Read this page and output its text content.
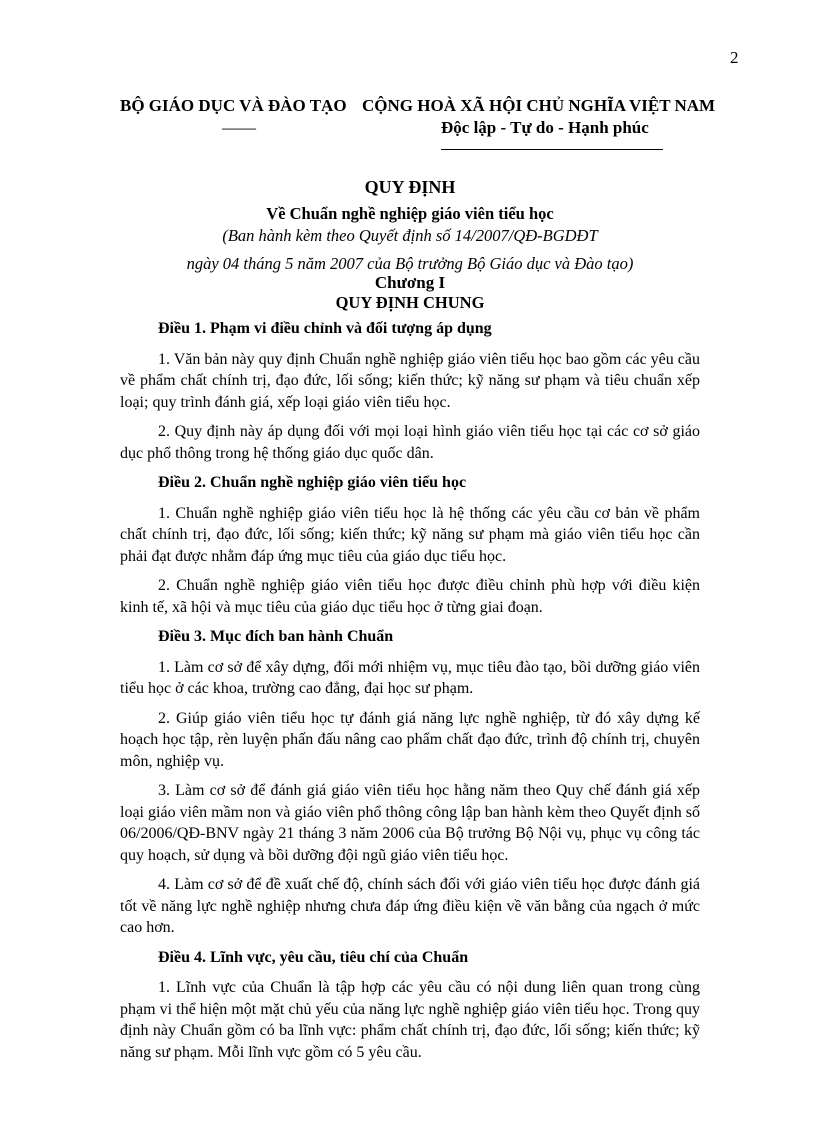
2
BỘ GIÁO DỤC VÀ ĐÀO TẠO
——
CỘNG HOÀ XÃ HỘI CHỦ NGHĨA VIỆT NAM
Độc lập - Tự do - Hạnh phúc
QUY ĐỊNH
Về Chuẩn nghề nghiệp giáo viên tiểu học
(Ban hành kèm theo Quyết định số 14/2007/QĐ-BGDĐT
ngày 04 tháng 5 năm 2007 của Bộ trưởng Bộ Giáo dục và Đào tạo)
Chương I
QUY ĐỊNH CHUNG

Điều 1. Phạm vi điều chỉnh và đối tượng áp dụng

1. Văn bản này quy định Chuẩn nghề nghiệp giáo viên tiểu học bao gồm các yêu cầu về phẩm chất chính trị, đạo đức, lối sống; kiến thức; kỹ năng sư phạm và tiêu chuẩn xếp loại; quy trình đánh giá, xếp loại giáo viên tiểu học.

2. Quy định này áp dụng đối với mọi loại hình giáo viên tiểu học tại các cơ sở giáo dục phổ thông trong hệ thống giáo dục quốc dân.

Điều 2. Chuẩn nghề nghiệp giáo viên tiểu học

1. Chuẩn nghề nghiệp giáo viên tiểu học là hệ thống các yêu cầu cơ bản về phẩm chất chính trị, đạo đức, lối sống; kiến thức; kỹ năng sư phạm mà giáo viên tiểu học cần phải đạt được nhằm đáp ứng mục tiêu của giáo dục tiểu học.

2. Chuẩn nghề nghiệp giáo viên tiểu học được điều chỉnh phù hợp với điều kiện kinh tế, xã hội và mục tiêu của giáo dục tiểu học ở từng giai đoạn.

Điều 3. Mục đích ban hành Chuẩn

1. Làm cơ sở để xây dựng, đổi mới nhiệm vụ, mục tiêu đào tạo, bồi dưỡng giáo viên tiểu học ở các khoa, trường cao đẳng, đại học sư phạm.

2. Giúp giáo viên tiểu học tự đánh giá năng lực nghề nghiệp, từ đó xây dựng kế hoạch học tập, rèn luyện phấn đấu nâng cao phẩm chất đạo đức, trình độ chính trị, chuyên môn, nghiệp vụ.

3. Làm cơ sở để đánh giá giáo viên tiểu học hằng năm theo Quy chế đánh giá xếp loại giáo viên mầm non và giáo viên phổ thông công lập ban hành kèm theo Quyết định số 06/2006/QĐ-BNV ngày 21 tháng 3 năm 2006 của Bộ trưởng Bộ Nội vụ, phục vụ công tác quy hoạch, sử dụng và bồi dưỡng đội ngũ giáo viên tiểu học.

4. Làm cơ sở để đề xuất chế độ, chính sách đối với giáo viên tiểu học được đánh giá tốt về năng lực nghề nghiệp nhưng chưa đáp ứng điều kiện về văn bằng của ngạch ở mức cao hơn.

Điều 4. Lĩnh vực, yêu cầu, tiêu chí của Chuẩn

1. Lĩnh vực của Chuẩn là tập hợp các yêu cầu có nội dung liên quan trong cùng phạm vi thể hiện một mặt chủ yếu của năng lực nghề nghiệp giáo viên tiểu học. Trong quy định này Chuẩn gồm có ba lĩnh vực: phẩm chất chính trị, đạo đức, lối sống; kiến thức; kỹ năng sư phạm. Mỗi lĩnh vực gồm có 5 yêu cầu.
